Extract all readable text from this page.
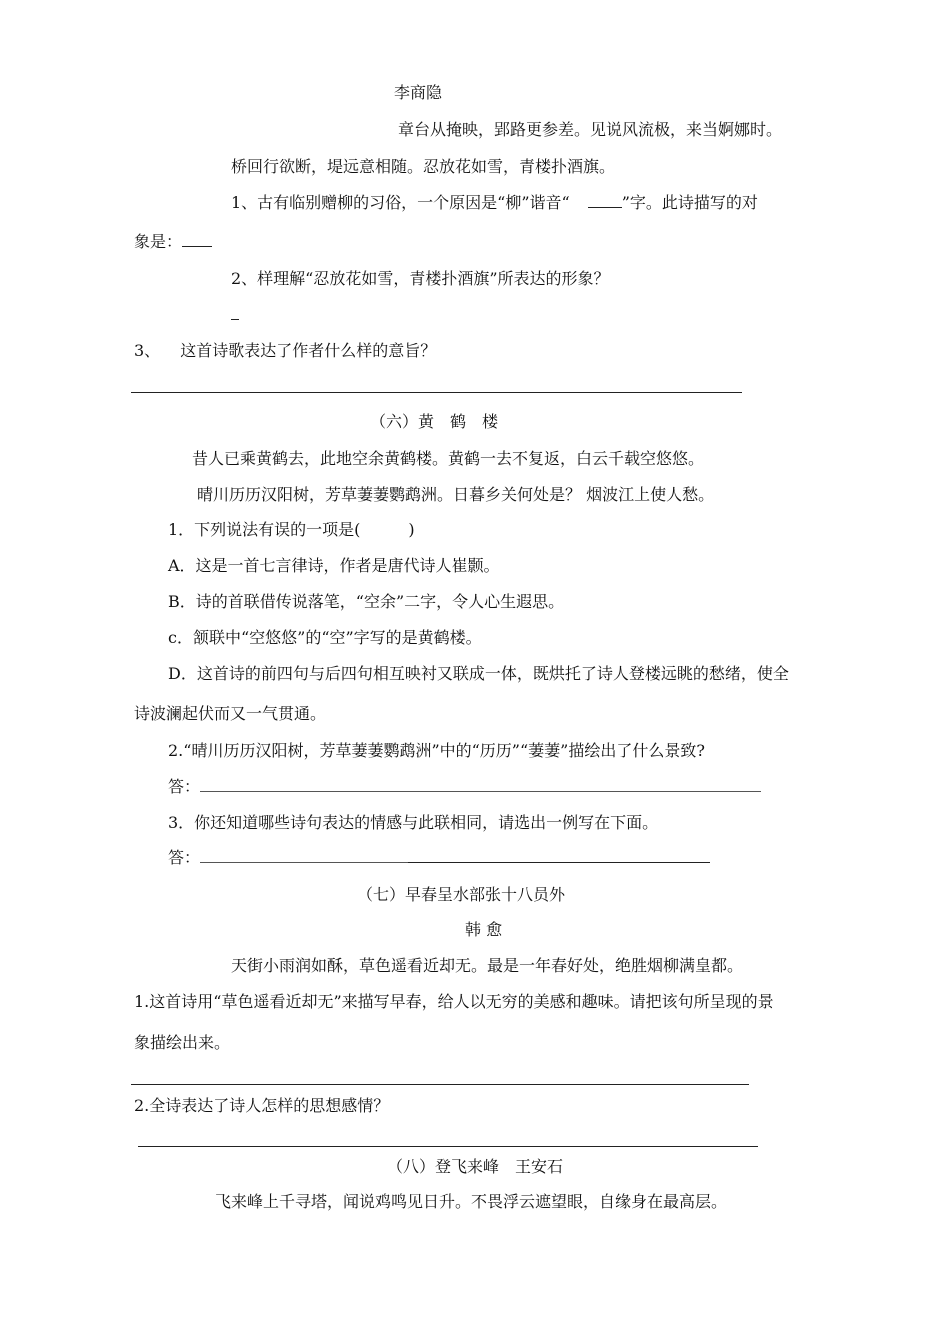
李商隐
章台从掩映，郢路更参差。见说风流极，来当婀娜时。
桥回行欲断，堤远意相随。忍放花如雪，青楼扑酒旗。
1、古有临别赠柳的习俗，一个原因是“柳”谐音“	”字。此诗描写的对
象是：
2、样理解“忍放花如雪，青楼扑酒旗”所表达的形象？
3、 这首诗歌表达了作者什么样的意旨？
（六）黄　鹤　楼
昔人已乘黄鹤去，此地空余黄鹤楼。黄鹤一去不复返，白云千载空悠悠。
晴川历历汉阳树，芳草萋萋鹦鹉洲。日暮乡关何处是？ 烟波江上使人愁。
1．下列说法有误的一项是(　　　)
A．这是一首七言律诗，作者是唐代诗人崔颢。
B．诗的首联借传说落笔，“空余”二字，令人心生遐思。
c．颔联中“空悠悠”的“空”字写的是黄鹤楼。
D．这首诗的前四句与后四句相互映衬又联成一体，既烘托了诗人登楼远眺的愁绪，使全
诗波澜起伏而又一气贯通。
2.“晴川历历汉阳树，芳草萋萋鹦鹉洲”中的“历历”“萋萋”描绘出了什么景致?
答：
3．你还知道哪些诗句表达的情感与此联相同，请选出一例写在下面。
答：
（七）早春呈水部张十八员外
韩 愈
天街小雨润如酥，草色遥看近却无。最是一年春好处，绝胜烟柳满皇都。
1.这首诗用“草色遥看近却无”来描写早春，给人以无穷的美感和趣味。请把该句所呈现的景
象描绘出来。
2.全诗表达了诗人怎样的思想感情？
（八）登飞来峰　王安石
飞来峰上千寻塔，闻说鸡鸣见日升。不畏浮云遮望眼，自缘身在最高层。
